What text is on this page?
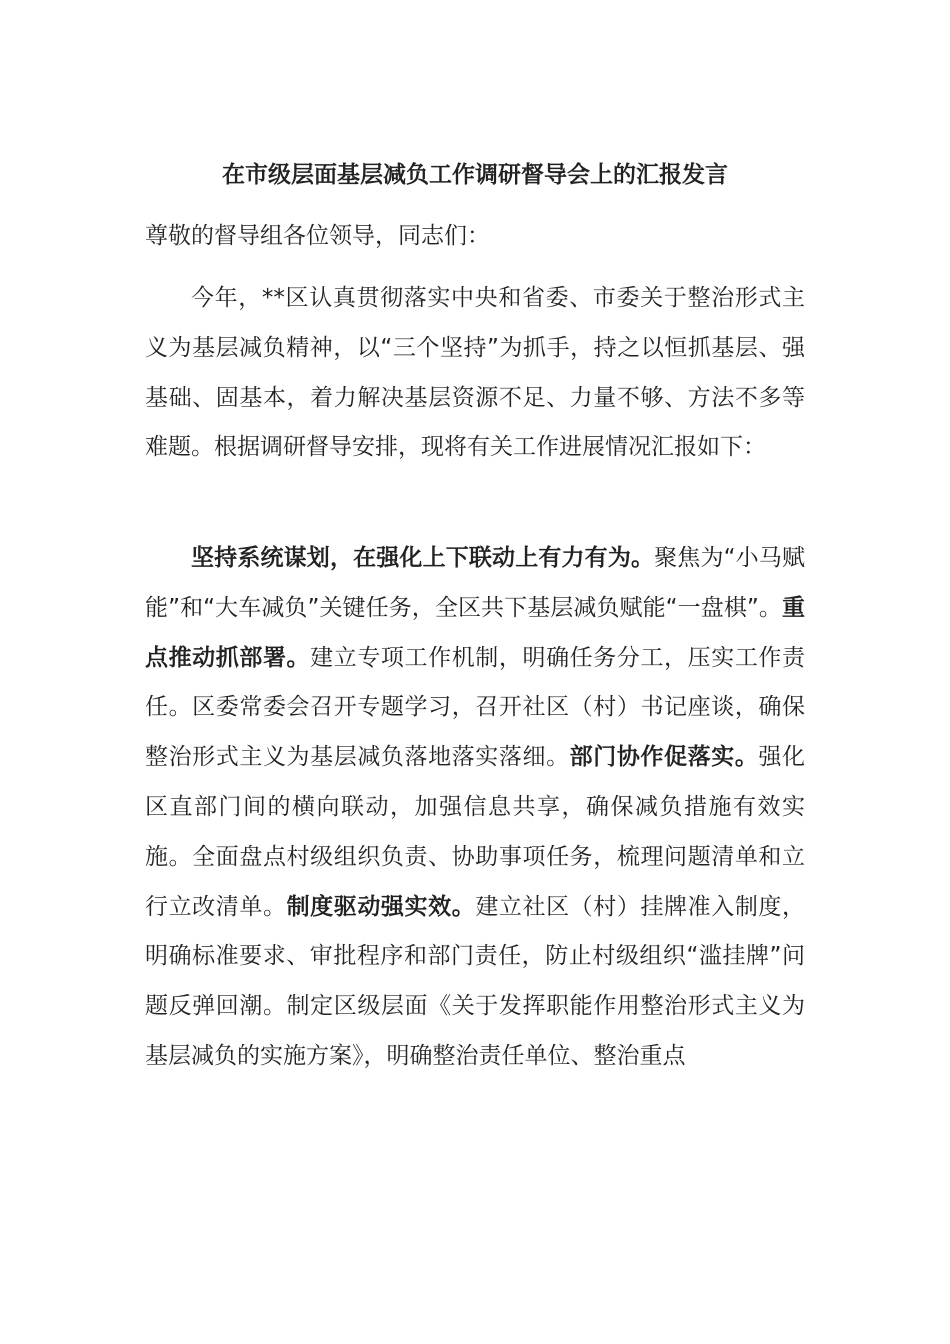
在市级层面基层减负工作调研督导会上的汇报发言
尊敬的督导组各位领导，同志们：

今年，**区认真贯彻落实中央和省委、市委关于整治形式主义为基层减负精神，以“三个坚持”为抓手，持之以恒抓基层、强基础、固基本，着力解决基层资源不足、力量不够、方法不多等难题。根据调研督导安排，现将有关工作进展情况汇报如下：

坚持系统谋划，在强化上下联动上有力有为。聚焦为“小马赋能”和“大车减负”关键任务，全区共下基层减负赋能“一盘棋”。重点推动抓部署。建立专项工作机制，明确任务分工，压实工作责任。区委常委会召开专题学习，召开社区（村）书记座谈，确保整治形式主义为基层减负落地落实落细。部门协作促落实。强化区直部门间的横向联动，加强信息共享，确保减负措施有效实施。全面盘点村级组织负责、协助事项任务，梳理问题清单和立行立改清单。制度驱动强实效。建立社区（村）挂牌准入制度，明确标准要求、审批程序和部门责任，防止村级组织“滥挂牌”问题反弹回潮。制定区级层面《关于发挥职能作用整治形式主义为基层减负的实施方案》，明确整治责任单位、整治重点
